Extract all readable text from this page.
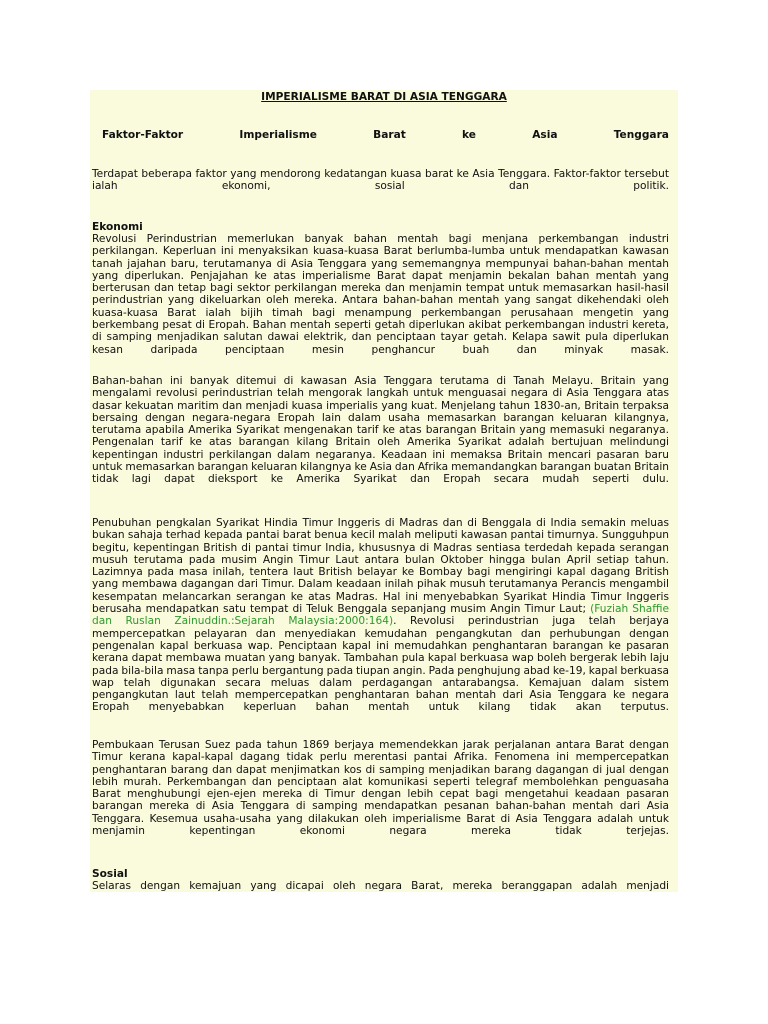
IMPERIALISME BARAT DI ASIA TENGGARA
Faktor-Faktor	Imperialisme	Barat	ke	Asia	Tenggara

Terdapat beberapa faktor yang mendorong kedatangan kuasa barat ke Asia Tenggara. Faktor-faktor tersebut ialah ekonomi, sosial dan politik.

Ekonomi

Revolusi Perindustrian memerlukan banyak bahan mentah bagi menjana perkembangan industri perkilangan. Keperluan ini menyaksikan kuasa-kuasa Barat berlumba-lumba untuk mendapatkan kawasan tanah jajahan baru, terutamanya di Asia Tenggara yang sememangnya mempunyai bahan-bahan mentah yang diperlukan. Penjajahan ke atas imperialisme Barat dapat menjamin bekalan bahan mentah yang berterusan dan tetap bagi sektor perkilangan mereka dan menjamin tempat untuk memasarkan hasil-hasil perindustrian yang dikeluarkan oleh mereka. Antara bahan-bahan mentah yang sangat dikehendaki oleh kuasa-kuasa Barat ialah bijih timah bagi menampung perkembangan perusahaan mengetin yang berkembang pesat di Eropah. Bahan mentah seperti getah diperlukan akibat perkembangan industri kereta, di samping menjadikan salutan dawai elektrik, dan penciptaan tayar getah. Kelapa sawit pula diperlukan kesan daripada penciptaan mesin penghancur buah dan minyak masak.

Bahan-bahan ini banyak ditemui di kawasan Asia Tenggara terutama di Tanah Melayu. Britain yang mengalami revolusi perindustrian telah mengorak langkah untuk menguasai negara di Asia Tenggara atas dasar kekuatan maritim dan menjadi kuasa imperialis yang kuat. Menjelang tahun 1830-an, Britain terpaksa bersaing dengan negara-negara Eropah lain dalam usaha memasarkan barangan keluaran kilangnya, terutama apabila Amerika Syarikat mengenakan tarif ke atas barangan Britain yang memasuki negaranya. Pengenalan tarif ke atas barangan kilang Britain oleh Amerika Syarikat adalah bertujuan melindungi kepentingan industri perkilangan dalam negaranya. Keadaan ini memaksa Britain mencari pasaran baru untuk memasarkan barangan keluaran kilangnya ke Asia dan Afrika memandangkan barangan buatan Britain tidak lagi dapat dieksport ke Amerika Syarikat dan Eropah secara mudah seperti dulu.

Penubuhan pengkalan Syarikat Hindia Timur Inggeris di Madras dan di Benggala di India semakin meluas bukan sahaja terhad kepada pantai barat benua kecil malah meliputi kawasan pantai timurnya. Sungguhpun begitu, kepentingan British di pantai timur India, khususnya di Madras sentiasa terdedah kepada serangan musuh terutama pada musim Angin Timur Laut antara bulan Oktober hingga bulan April setiap tahun. Lazimnya pada masa inilah, tentera laut British belayar ke Bombay bagi mengiringi kapal dagang British yang membawa dagangan dari Timur. Dalam keadaan inilah pihak musuh terutamanya Perancis mengambil kesempatan melancarkan serangan ke atas Madras. Hal ini menyebabkan Syarikat Hindia Timur Inggeris berusaha mendapatkan satu tempat di Teluk Benggala sepanjang musim Angin Timur Laut; (Fuziah Shaffie dan Ruslan Zainuddin.:Sejarah Malaysia:2000:164). Revolusi perindustrian juga telah berjaya mempercepatkan pelayaran dan menyediakan kemudahan pengangkutan dan perhubungan dengan pengenalan kapal berkuasa wap. Penciptaan kapal ini memudahkan penghantaran barangan ke pasaran kerana dapat membawa muatan yang banyak. Tambahan pula kapal berkuasa wap boleh bergerak lebih laju pada bila-bila masa tanpa perlu bergantung pada tiupan angin. Pada penghujung abad ke-19, kapal berkuasa wap telah digunakan secara meluas dalam perdagangan antarabangsa. Kemajuan dalam sistem pengangkutan laut telah mempercepatkan penghantaran bahan mentah dari Asia Tenggara ke negara Eropah menyebabkan keperluan bahan mentah untuk kilang tidak akan terputus.

Pembukaan Terusan Suez pada tahun 1869 berjaya memendekkan jarak perjalanan antara Barat dengan Timur kerana kapal-kapal dagang tidak perlu merentasi pantai Afrika. Fenomena ini mempercepatkan penghantaran barang dan dapat menjimatkan kos di samping menjadikan barang dagangan di jual dengan lebih murah. Perkembangan dan penciptaan alat komunikasi seperti telegraf membolehkan penguasaha Barat menghubungi ejen-ejen mereka di Timur dengan lebih cepat bagi mengetahui keadaan pasaran barangan mereka di Asia Tenggara di samping mendapatkan pesanan bahan-bahan mentah dari Asia Tenggara. Kesemua usaha-usaha yang dilakukan oleh imperialisme Barat di Asia Tenggara adalah untuk menjamin kepentingan ekonomi negara mereka tidak terjejas.

Sosial

Selaras dengan kemajuan yang dicapai oleh negara Barat, mereka beranggapan adalah menjadi
